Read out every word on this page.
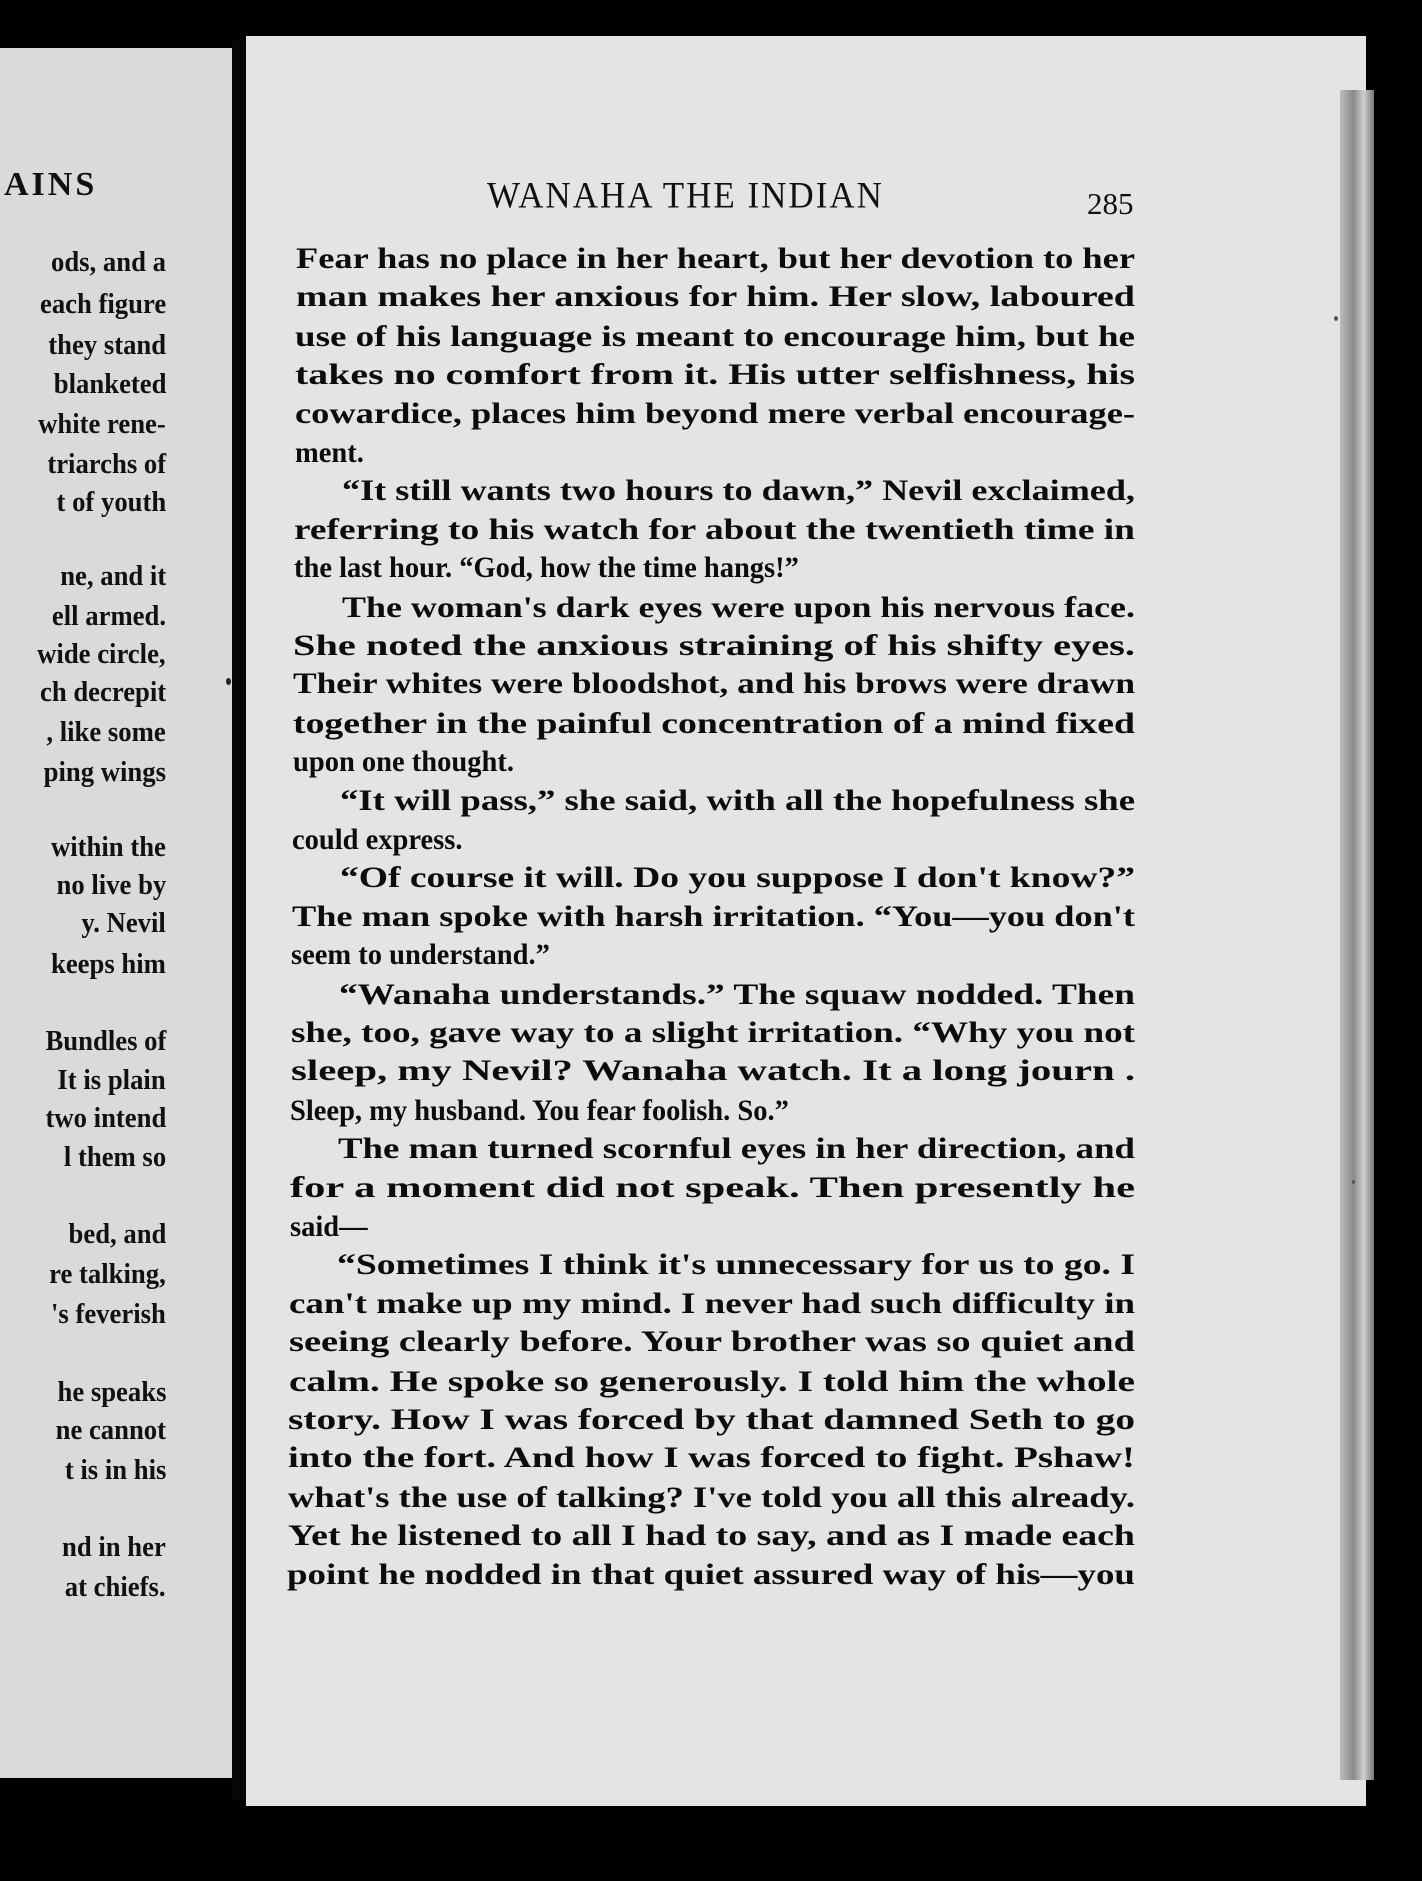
AINS	WANAHA THE INDIAN	285
ods, and a
each figure
they stand
blanketed
white rene-
triarchs of
t of youth
ne, and it
ell armed.
wide circle,
ch decrepit
, like some
ping wings
within the
no live by
y. Nevil
keeps him
Bundles of
It is plain
two intend
l them so
bed, and
re talking,
's feverish
he speaks
ne cannot
t is in his
nd in her
at chiefs.
Fear has no place in her heart, but her devotion to her
man makes her anxious for him. Her slow, laboured
use of his language is meant to encourage him, but he
takes no comfort from it. His utter selfishness, his
cowardice, places him beyond mere verbal encourage-
ment.
“It still wants two hours to dawn,” Nevil exclaimed,
referring to his watch for about the twentieth time in
the last hour. “God, how the time hangs!”
The woman's dark eyes were upon his nervous face.
She noted the anxious straining of his shifty eyes.
Their whites were bloodshot, and his brows were drawn
together in the painful concentration of a mind fixed
upon one thought.
“It will pass,” she said, with all the hopefulness she
could express.
“Of course it will. Do you suppose I don't know?”
The man spoke with harsh irritation. “You—you don't
seem to understand.”
“Wanaha understands.” The squaw nodded. Then
she, too, gave way to a slight irritation. “Why you not
sleep, my Nevil? Wanaha watch. It a long journ .
Sleep, my husband. You fear foolish. So.”
The man turned scornful eyes in her direction, and
for a moment did not speak. Then presently he
said—
“Sometimes I think it's unnecessary for us to go. I
can't make up my mind. I never had such difficulty in
seeing clearly before. Your brother was so quiet and
calm. He spoke so generously. I told him the whole
story. How I was forced by that damned Seth to go
into the fort. And how I was forced to fight. Pshaw!
what's the use of talking? I've told you all this already.
Yet he listened to all I had to say, and as I made each
point he nodded in that quiet assured way of his—you
